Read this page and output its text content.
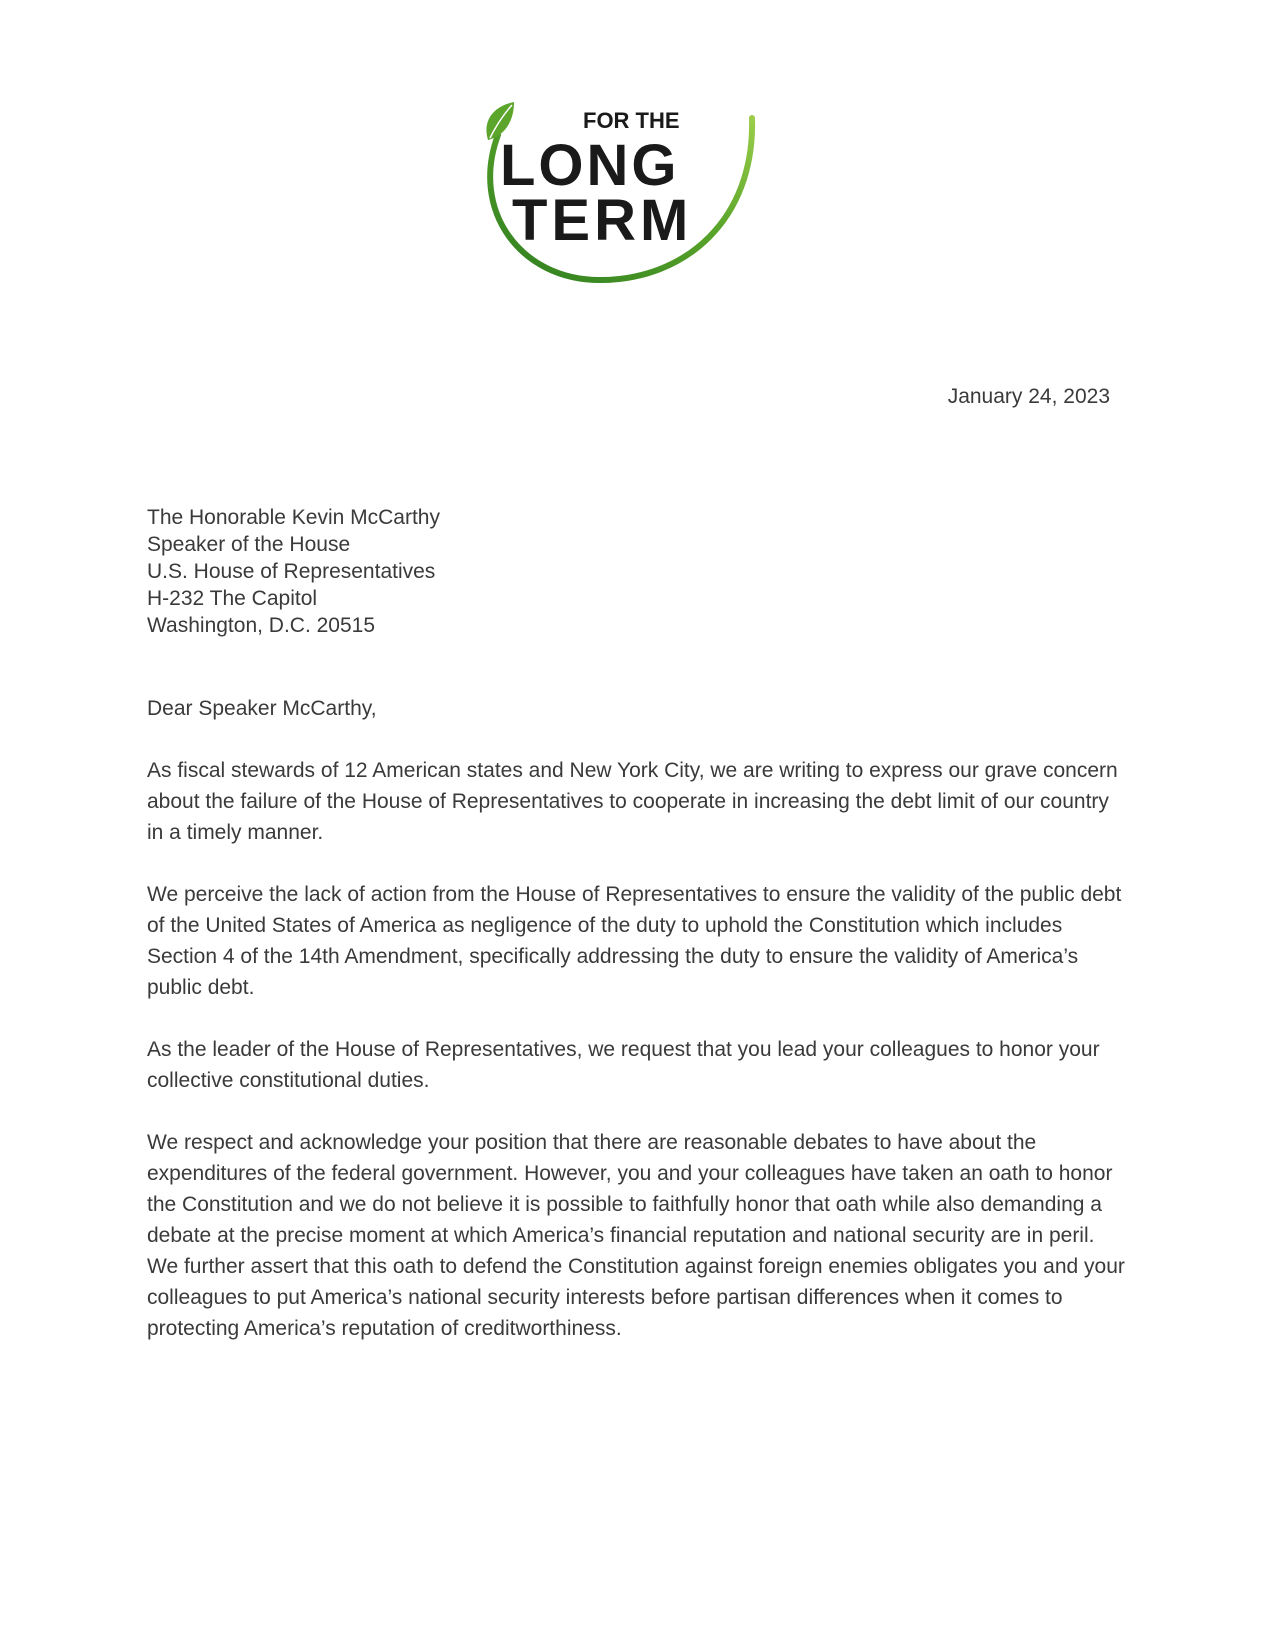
FOR THE
LONG
TERM
January 24, 2023
The Honorable Kevin McCarthy
Speaker of the House
U.S. House of Representatives
H-232 The Capitol
Washington, D.C. 20515
Dear Speaker McCarthy,

As fiscal stewards of 12 American states and New York City, we are writing to express our grave concern about the failure of the House of Representatives to cooperate in increasing the debt limit of our country in a timely manner.

We perceive the lack of action from the House of Representatives to ensure the validity of the public debt of the United States of America as negligence of the duty to uphold the Constitution which includes Section 4 of the 14th Amendment, specifically addressing the duty to ensure the validity of America’s public debt.

As the leader of the House of Representatives, we request that you lead your colleagues to honor your collective constitutional duties.

We respect and acknowledge your position that there are reasonable debates to have about the expenditures of the federal government. However, you and your colleagues have taken an oath to honor the Constitution and we do not believe it is possible to faithfully honor that oath while also demanding a debate at the precise moment at which America’s financial reputation and national security are in peril. We further assert that this oath to defend the Constitution against foreign enemies obligates you and your colleagues to put America’s national security interests before partisan differences when it comes to protecting America’s reputation of creditworthiness.
